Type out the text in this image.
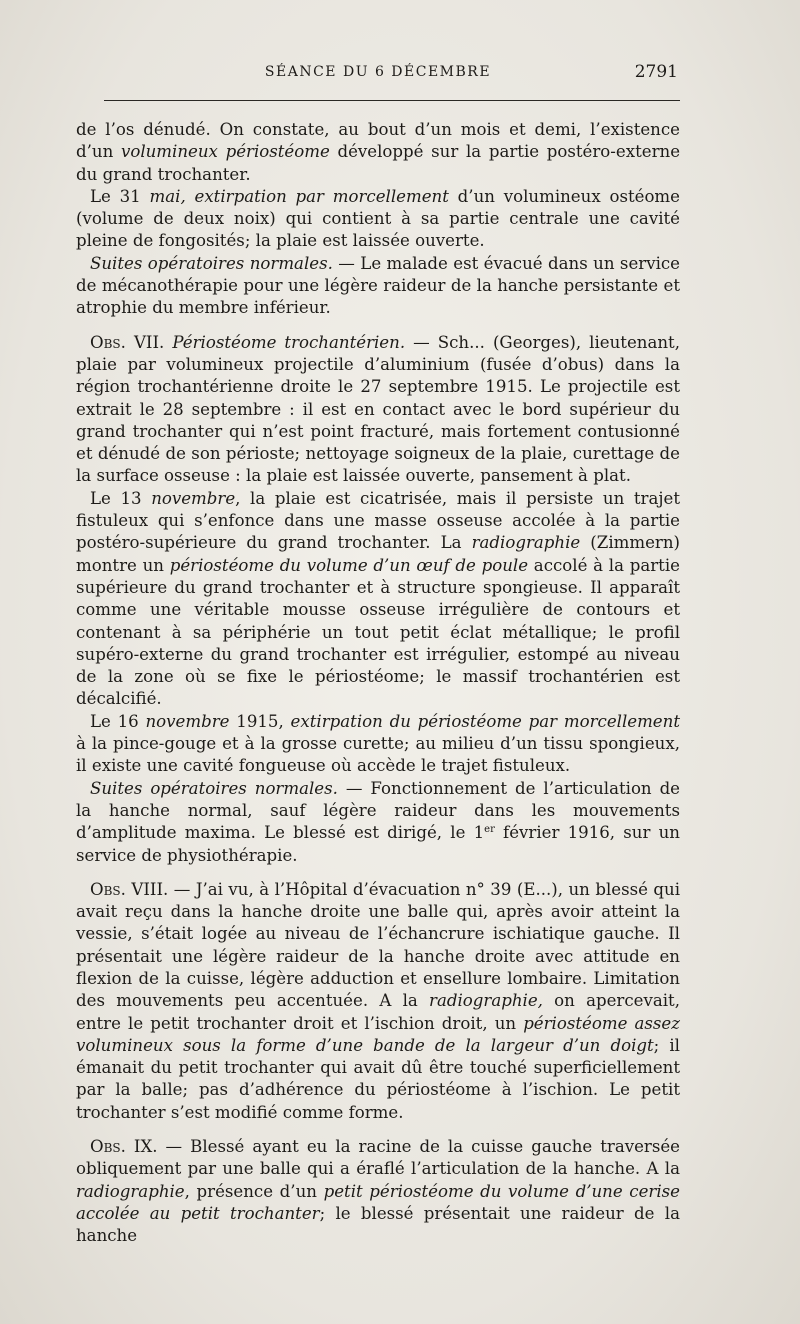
SÉANCE DU 6 DÉCEMBRE	2791

de l’os dénudé. On constate, au bout d’un mois et demi, l’existence d’un volumineux périostéome développé sur la partie postéro-externe du grand trochanter.

Le 31 mai, extirpation par morcellement d’un volumineux ostéome (volume de deux noix) qui contient à sa partie centrale une cavité pleine de fongosités; la plaie est laissée ouverte.

Suites opératoires normales. — Le malade est évacué dans un service de mécanothérapie pour une légère raideur de la hanche persistante et atrophie du membre inférieur.

Obs. VII. Périostéome trochantérien. — Sch... (Georges), lieutenant, plaie par volumineux projectile d’aluminium (fusée d’obus) dans la région trochantérienne droite le 27 septembre 1915. Le projectile est extrait le 28 septembre : il est en contact avec le bord supérieur du grand trochanter qui n’est point fracturé, mais fortement contusionné et dénudé de son périoste; nettoyage soigneux de la plaie, curettage de la surface osseuse : la plaie est laissée ouverte, pansement à plat.

Le 13 novembre, la plaie est cicatrisée, mais il persiste un trajet fistuleux qui s’enfonce dans une masse osseuse accolée à la partie postéro-supérieure du grand trochanter. La radiographie (Zimmern) montre un périostéome du volume d’un œuf de poule accolé à la partie supérieure du grand trochanter et à structure spongieuse. Il apparaît comme une véritable mousse osseuse irrégulière de contours et contenant à sa périphérie un tout petit éclat métallique; le profil supéro-externe du grand trochanter est irrégulier, estompé au niveau de la zone où se fixe le périostéome; le massif trochantérien est décalcifié.

Le 16 novembre 1915, extirpation du périostéome par morcellement à la pince-gouge et à la grosse curette; au milieu d’un tissu spongieux, il existe une cavité fongueuse où accède le trajet fistuleux.

Suites opératoires normales. — Fonctionnement de l’articulation de la hanche normal, sauf légère raideur dans les mouvements d’amplitude maxima. Le blessé est dirigé, le 1er février 1916, sur un service de physiothérapie.

Obs. VIII. — J’ai vu, à l’Hôpital d’évacuation n° 39 (E...), un blessé qui avait reçu dans la hanche droite une balle qui, après avoir atteint la vessie, s’était logée au niveau de l’échancrure ischiatique gauche. Il présentait une légère raideur de la hanche droite avec attitude en flexion de la cuisse, légère adduction et ensellure lombaire. Limitation des mouvements peu accentuée. A la radiographie, on apercevait, entre le petit trochanter droit et l’ischion droit, un périostéome assez volumineux sous la forme d’une bande de la largeur d’un doigt; il émanait du petit trochanter qui avait dû être touché superficiellement par la balle; pas d’adhérence du périostéome à l’ischion. Le petit trochanter s’est modifié comme forme.

Obs. IX. — Blessé ayant eu la racine de la cuisse gauche traversée obliquement par une balle qui a éraflé l’articulation de la hanche. A la radiographie, présence d’un petit périostéome du volume d’une cerise accolée au petit trochanter; le blessé présentait une raideur de la hanche
